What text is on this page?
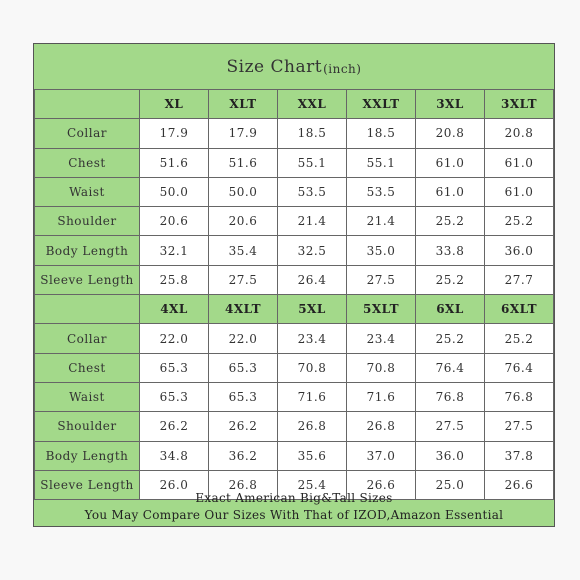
Size Chart (inch)
	XL	XLT	XXL	XXLT	3XL	3XLT
Collar	17.9	17.9	18.5	18.5	20.8	20.8
Chest	51.6	51.6	55.1	55.1	61.0	61.0
Waist	50.0	50.0	53.5	53.5	61.0	61.0
Shoulder	20.6	20.6	21.4	21.4	25.2	25.2
Body Length	32.1	35.4	32.5	35.0	33.8	36.0
Sleeve Length	25.8	27.5	26.4	27.5	25.2	27.7
	4XL	4XLT	5XL	5XLT	6XL	6XLT
Collar	22.0	22.0	23.4	23.4	25.2	25.2
Chest	65.3	65.3	70.8	70.8	76.4	76.4
Waist	65.3	65.3	71.6	71.6	76.8	76.8
Shoulder	26.2	26.2	26.8	26.8	27.5	27.5
Body Length	34.8	36.2	35.6	37.0	36.0	37.8
Sleeve Length	26.0	26.8	25.4	26.6	25.0	26.6
Exact American Big&Tall Sizes
You May Compare Our Sizes With That of IZOD,Amazon Essential
